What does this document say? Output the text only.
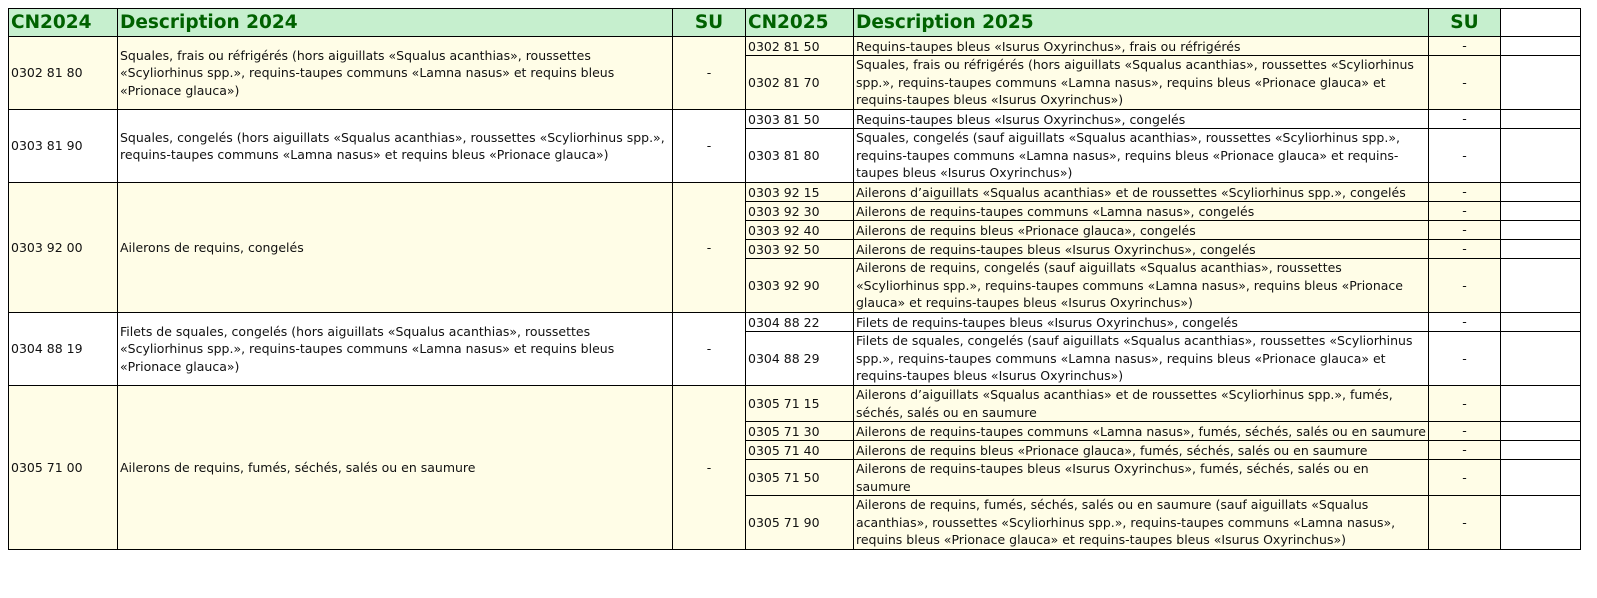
CN2024	Description 2024	SU	CN2025	Description 2025	SU	
0302 81 80	Squales, frais ou réfrigérés (hors aiguillats «Squalus acanthias», roussettes «Scyliorhinus spp.», requins-taupes communs «Lamna nasus» et requins bleus «Prionace glauca»)	-	0302 81 50	Requins-taupes bleus «Isurus Oxyrinchus», frais ou réfrigérés	-	
			0302 81 70	Squales, frais ou réfrigérés (hors aiguillats «Squalus acanthias», roussettes «Scyliorhinus spp.», requins-taupes communs «Lamna nasus», requins bleus «Prionace glauca» et requins-taupes bleus «Isurus Oxyrinchus»)	-	
0303 81 90	Squales, congelés (hors aiguillats «Squalus acanthias», roussettes «Scyliorhinus spp.», requins-taupes communs «Lamna nasus» et requins bleus «Prionace glauca»)	-	0303 81 50	Requins-taupes bleus «Isurus Oxyrinchus», congelés	-	
			0303 81 80	Squales, congelés (sauf aiguillats «Squalus acanthias», roussettes «Scyliorhinus spp.», requins-taupes communs «Lamna nasus», requins bleus «Prionace glauca» et requins-taupes bleus «Isurus Oxyrinchus»)	-	
0303 92 00	Ailerons de requins, congelés	-	0303 92 15	Ailerons d’aiguillats «Squalus acanthias» et de roussettes «Scyliorhinus spp.», congelés	-	
			0303 92 30	Ailerons de requins-taupes communs «Lamna nasus», congelés	-	
			0303 92 40	Ailerons de requins bleus «Prionace glauca», congelés	-	
			0303 92 50	Ailerons de requins-taupes bleus «Isurus Oxyrinchus», congelés	-	
			0303 92 90	Ailerons de requins, congelés (sauf aiguillats «Squalus acanthias», roussettes «Scyliorhinus spp.», requins-taupes communs «Lamna nasus», requins bleus «Prionace glauca» et requins-taupes bleus «Isurus Oxyrinchus»)	-	
0304 88 19	Filets de squales, congelés (hors aiguillats «Squalus acanthias», roussettes «Scyliorhinus spp.», requins-taupes communs «Lamna nasus» et requins bleus «Prionace glauca»)	-	0304 88 22	Filets de requins-taupes bleus «Isurus Oxyrinchus», congelés	-	
			0304 88 29	Filets de squales, congelés (sauf aiguillats «Squalus acanthias», roussettes «Scyliorhinus spp.», requins-taupes communs «Lamna nasus», requins bleus «Prionace glauca» et requins-taupes bleus «Isurus Oxyrinchus»)	-	
0305 71 00	Ailerons de requins, fumés, séchés, salés ou en saumure	-	0305 71 15	Ailerons d’aiguillats «Squalus acanthias» et de roussettes «Scyliorhinus spp.», fumés, séchés, salés ou en saumure	-	
			0305 71 30	Ailerons de requins-taupes communs «Lamna nasus», fumés, séchés, salés ou en saumure	-	
			0305 71 40	Ailerons de requins bleus «Prionace glauca», fumés, séchés, salés ou en saumure	-	
			0305 71 50	Ailerons de requins-taupes bleus «Isurus Oxyrinchus», fumés, séchés, salés ou en saumure	-	
			0305 71 90	Ailerons de requins, fumés, séchés, salés ou en saumure (sauf aiguillats «Squalus acanthias», roussettes «Scyliorhinus spp.», requins-taupes communs «Lamna nasus», requins bleus «Prionace glauca» et requins-taupes bleus «Isurus Oxyrinchus»)	-	
